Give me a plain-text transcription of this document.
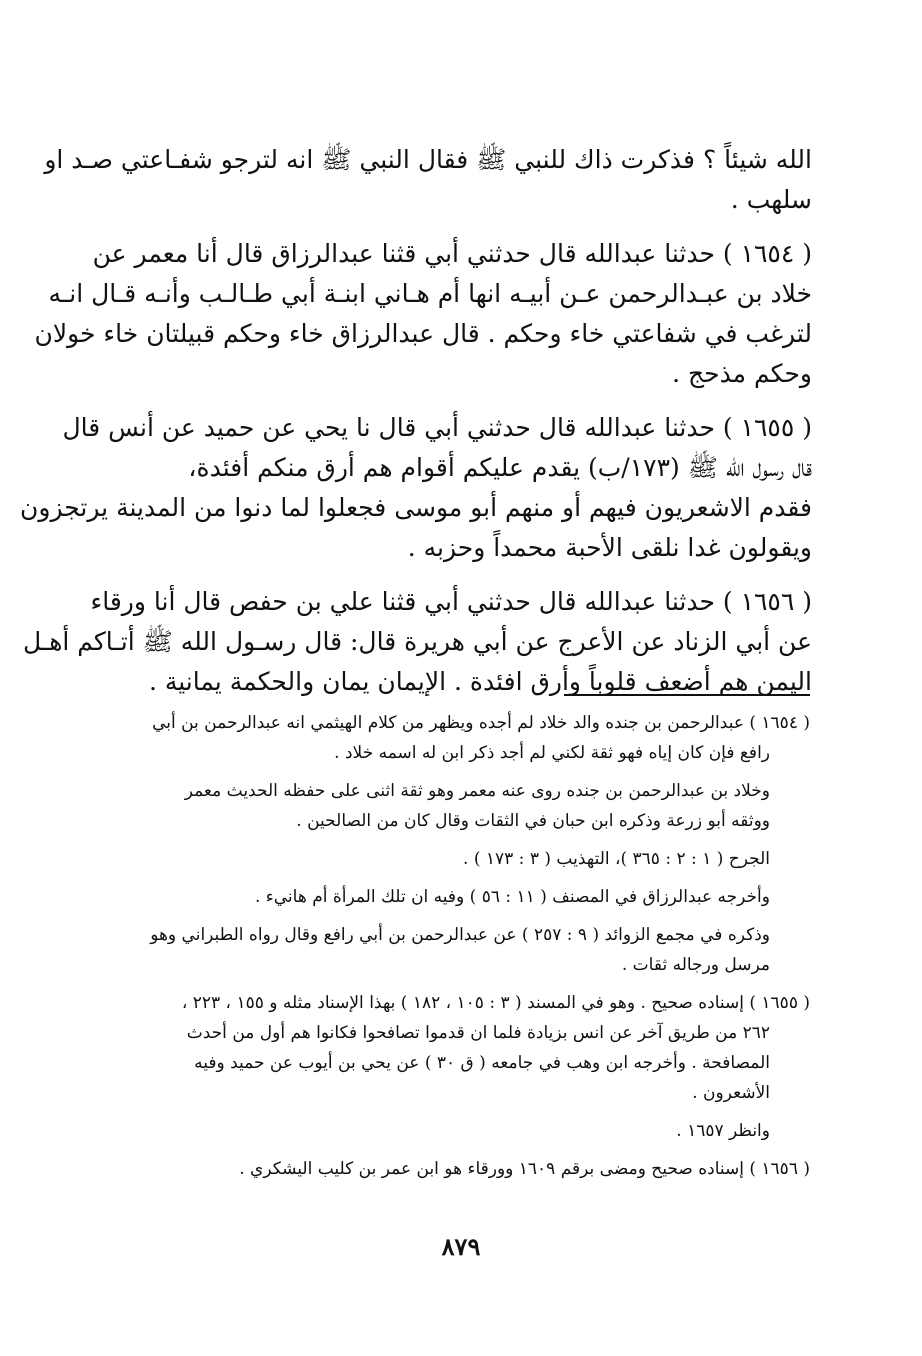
الله شيئاً ؟ فذكرت ذاك للنبي ﷺ فقال النبي ﷺ انه لترجو شفـاعتي صـد او
سلهب .
( ١٦٥٤ ) حدثنا عبدالله قال حدثني أبي قثنا عبدالرزاق قال أنا معمر عن
خلاد بن عبـدالرحمن عـن أبيـه انها أم هـاني ابنـة أبي طـالـب وأنـه قـال انـه
لترغب في شفاعتي خاء وحكم . قال عبدالرزاق خاء وحكم قبيلتان خاء خولان
وحكم مذحج .
( ١٦٥٥ ) حدثنا عبدالله قال حدثني أبي قال نا يحي عن حميد عن أنس قال
قال رسول الله ﷺ (١٧٣/ب) يقدم عليكم أقوام هم أرق منكم أفئدة،
فقدم الاشعريون فيهم أو منهم أبو موسى فجعلوا لما دنوا من المدينة يرتجزون
ويقولون غدا نلقى الأحبة محمداً وحزبه .
( ١٦٥٦ ) حدثنا عبدالله قال حدثني أبي قثنا علي بن حفص قال أنا ورقاء
عن أبي الزناد عن الأعرج عن أبي هريرة قال: قال رسـول الله ﷺ أتـاكم أهـل
اليمن هم أضعف قلوباً وأرق افئدة . الإيمان يمان والحكمة يمانية .
( ١٦٥٤ ) عبدالرحمن بن جنده والد خلاد لم أجده ويظهر من كلام الهيثمي انه عبدالرحمن بن أبي
رافع فإن كان إياه فهو ثقة لكني لم أجد ذكر ابن له اسمه خلاد .
وخلاد بن عبدالرحمن بن جنده روى عنه معمر وهو ثقة اثنى على حفظه الحديث معمر
ووثقه أبو زرعة وذكره ابن حبان في الثقات وقال كان من الصالحين .
الجرح ( ١ : ٢ : ٣٦٥ )، التهذيب ( ٣ : ١٧٣ ) .
وأخرجه عبدالرزاق في المصنف ( ١١ : ٥٦ ) وفيه ان تلك المرأة أم هانيء .
وذكره في مجمع الزوائد ( ٩ : ٢٥٧ ) عن عبدالرحمن بن أبي رافع وقال رواه الطبراني وهو
مرسل ورجاله ثقات .
( ١٦٥٥ ) إسناده صحيح . وهو في المسند ( ٣ : ١٠٥ ، ١٨٢ ) بهذا الإسناد مثله و ١٥٥ ، ٢٢٣ ،
٢٦٢ من طريق آخر عن انس بزيادة فلما ان قدموا تصافحوا فكانوا هم أول من أحدث
المصافحة . وأخرجه ابن وهب في جامعه ( ق ٣٠ ) عن يحي بن أيوب عن حميد وفيه
الأشعرون .
وانظر ١٦٥٧ .
( ١٦٥٦ ) إسناده صحيح ومضى برقم ١٦٠٩ وورقاء هو ابن عمر بن كليب اليشكري .
٨٧٩
